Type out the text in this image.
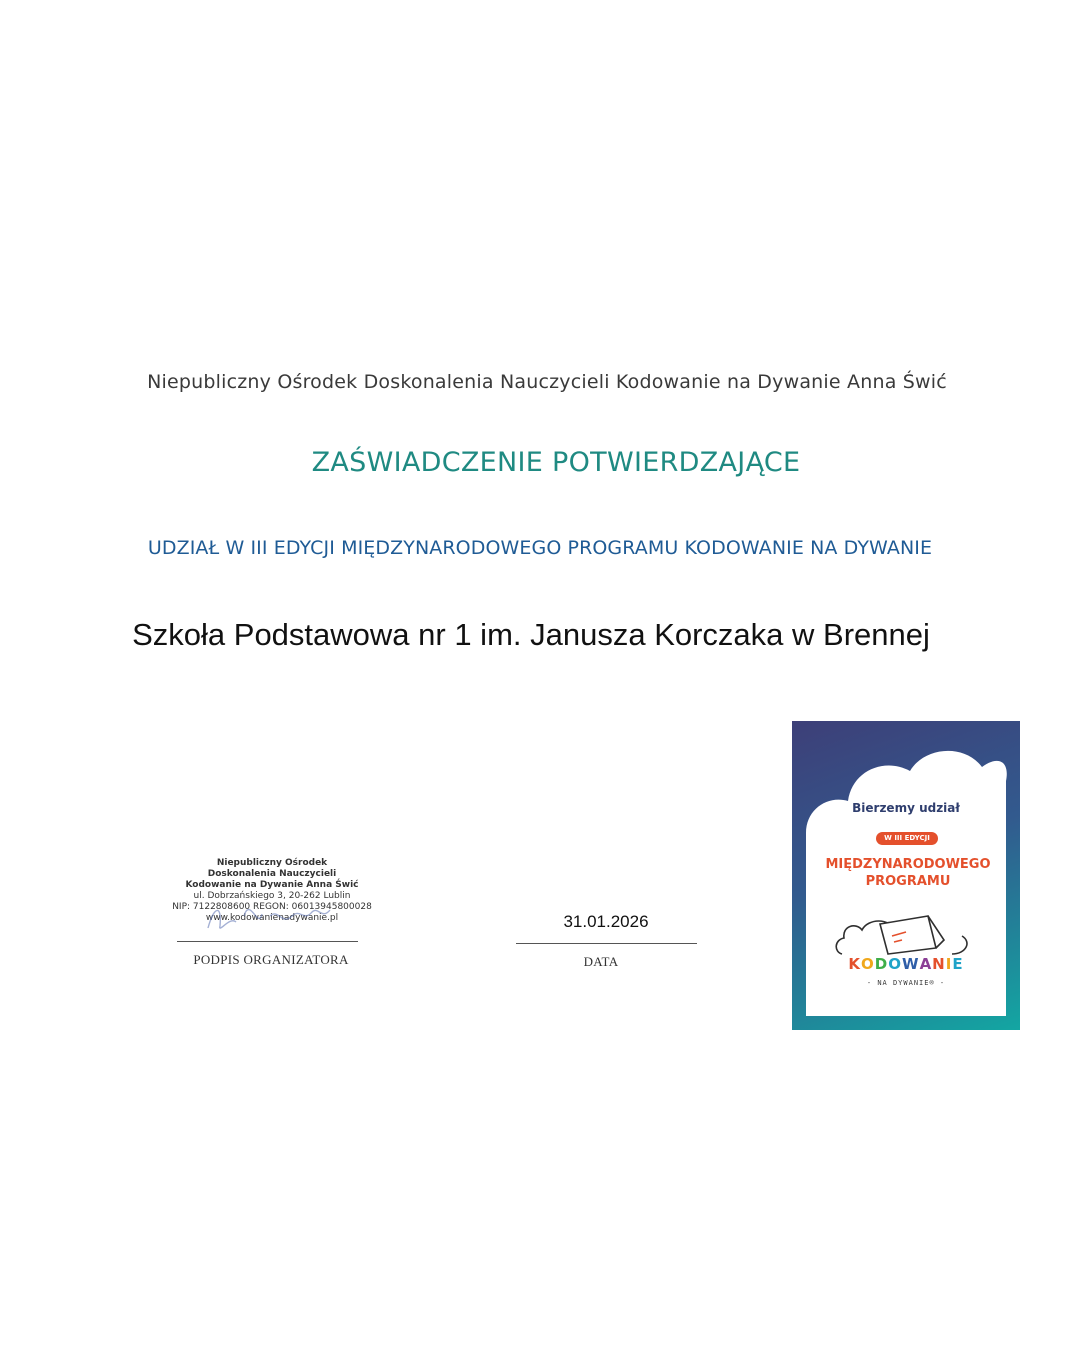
Niepubliczny Ośrodek Doskonalenia Nauczycieli Kodowanie na Dywanie Anna Świć
ZAŚWIADCZENIE POTWIERDZAJĄCE
UDZIAŁ W III EDYCJI MIĘDZYNARODOWEGO PROGRAMU KODOWANIE NA DYWANIE
Szkoła Podstawowa nr 1 im. Janusza Korczaka w Brennej
Niepubliczny Ośrodek
Doskonalenia Nauczycieli
Kodowanie na Dywanie Anna Świć
ul. Dobrzańskiego 3, 20-262 Lublin
NIP: 7122808600 REGON: 06013945800028
www.kodowanienadywanie.pl
PODPIS ORGANIZATORA
31.01.2026
DATA
Bierzemy udział
W III EDYCJI
MIĘDZYNARODOWEGO
PROGRAMU
KODOWANIE
- NA DYWANIE® -
